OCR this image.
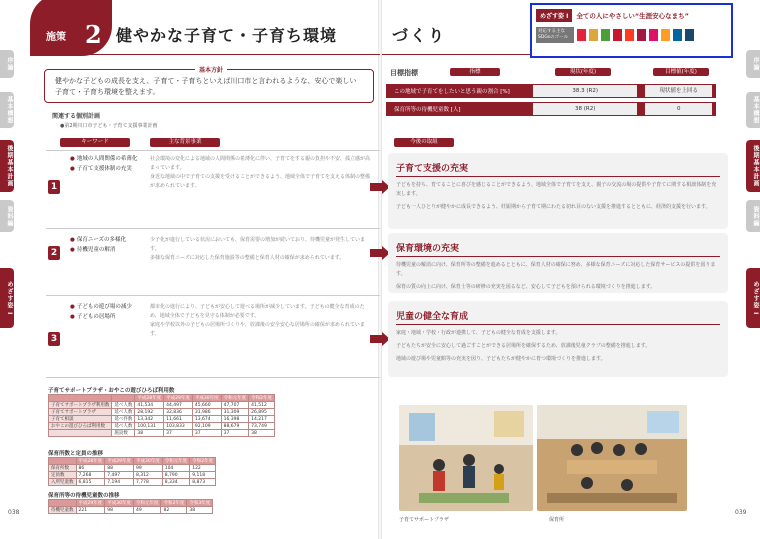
序論
基本構想
後期基本計画
資料編
めざす姿 I
序論
基本構想
後期基本計画
資料編
めざす姿 I
施策 2 健やかな子育て・子育ち環境	づくり
めざす姿 I	全ての人にやさしい“生涯安心なまち”
対応する主な SDGsのゴール
健やかな子どもの成長を支え、子育て・子育ちといえば川口市と言われるような、安心で楽しい子育て・子育ち環境を整えます。
基本方針
関連する個別計画
●第2期川口市子ども・子育て支援事業計画
キーワード	主な背景事業	今後の取組
1
● 地域の人間関係の希薄化
● 子育て支援体制の充実
社会環境の変化による地域の人間関係の希薄化に伴い、子育てをする親の負担や不安、孤立感が高まっています。
身近な地域の中で子育ての支援を受けることができるよう、地域全体で子育てを支える体制の整備が求められています。
2
● 保育ニーズの多様化
● 待機児童の解消
少子化が進行している状況においても、保育需要の増加が続いており、待機児童が発生しています。
多様な保育ニーズに対応した保育施設等の整備と保育人材の確保が求められています。
3
● 子どもの遊び場の減少
● 子どもの居場所
都市化の進行により、子どもが安心して遊べる場所が減少しています。子どもの健全な育成のため、地域全体で子どもを見守る体制が必要です。
家庭や学校以外の子どもの居場所づくりや、放課後の安全安心な居場所の確保が求められています。
目標指標	指標	現状(年度)	目標値(年度)
この地域で子育てをしたいと思う親の割合 [%]	38.3 (R2)	現状値を上回る
保育所等の待機児童数 [人]	38 (R2)	0
子育て支援の充実

子どもを持ち、育てることに喜びを感じることができるよう、地域全体で子育てを支え、親子の交流の場の提供や子育てに関する相談体制を充実します。

子ども一人ひとりが健やかに成長できるよう、妊娠期から子育て期にわたる切れ目のない支援を推進するとともに、経済的支援を行います。

保育環境の充実

待機児童の解消に向け、保育所等の整備を進めるとともに、保育人材の確保に努め、多様な保育ニーズに対応した保育サービスの提供を図ります。

保育の質の向上に向け、保育士等の研修の充実を図るなど、安心して子どもを預けられる環境づくりを推進します。

児童の健全な育成

家庭・地域・学校・行政が連携して、子どもの健全な育成を支援します。

子どもたちが安全に安心して過ごすことができる居場所を確保するため、放課後児童クラブの整備を推進します。

地域の遊び場や児童館等の充実を図り、子どもたちが健やかに育つ環境づくりを推進します。

子育てサポートプラザ・おやこの遊びひろば利用数
		平成28年度	平成29年度	平成30年度	令和元年度	令和2年度
子育てサポートプラザ利用数	延べ人数	41,534	44,497	45,660	47,707	41,512
子育てサポートプラザ	延べ人数	28,192	32,836	31,986	31,309	26,895
子育て相談	延べ件数	13,342	11,661	13,674	16,398	14,217
おやこの遊びひろば利用数	延べ人数	100,131	103,833	92,109	88,679	73,749
	施設数	38	37	37	37	38
保育所数と定員の推移
	平成28年度	平成29年度	平成30年度	令和元年度	令和2年度
保育所数	86	88	99	104	122
定員数	7,268	7,497	8,312	8,790	9,118
入所児童数	6,815	7,194	7,778	8,334	8,873
保育所等の待機児童数の推移
	平成29年度	平成30年度	令和元年度	令和2年度	令和3年度
待機児童数	221	98	49	82	38
子育てサポートプラザ	保育所
038	039
